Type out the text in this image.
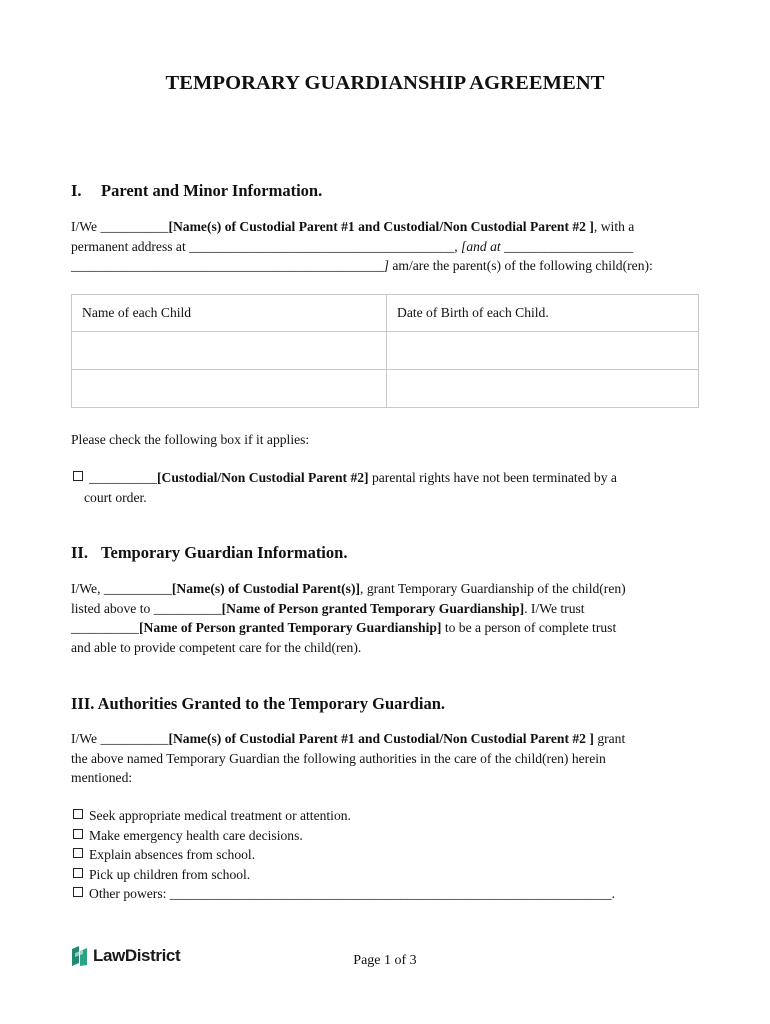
TEMPORARY GUARDIANSHIP AGREEMENT
I. Parent and Minor Information.
I/We __________[Name(s) of Custodial Parent #1 and Custodial/Non Custodial Parent #2 ], with a
permanent address at _______________________________________, [and at ___________________
______________________________________________] am/are the parent(s) of the following child(ren):
Name of each Child	Date of Birth of each Child.

Please check the following box if it applies:
__________[Custodial/Non Custodial Parent #2] parental rights have not been terminated by a
court order.
II. Temporary Guardian Information.
I/We, __________[Name(s) of Custodial Parent(s)], grant Temporary Guardianship of the child(ren)
listed above to __________[Name of Person granted Temporary Guardianship]. I/We trust
__________[Name of Person granted Temporary Guardianship] to be a person of complete trust
and able to provide competent care for the child(ren).
III. Authorities Granted to the Temporary Guardian.
I/We __________[Name(s) of Custodial Parent #1 and Custodial/Non Custodial Parent #2 ] grant
the above named Temporary Guardian the following authorities in the care of the child(ren) herein
mentioned:
Seek appropriate medical treatment or attention.
Make emergency health care decisions.
Explain absences from school.
Pick up children from school.
Other powers: _________________________________________________________________.
LawDistrict	Page 1 of 3
